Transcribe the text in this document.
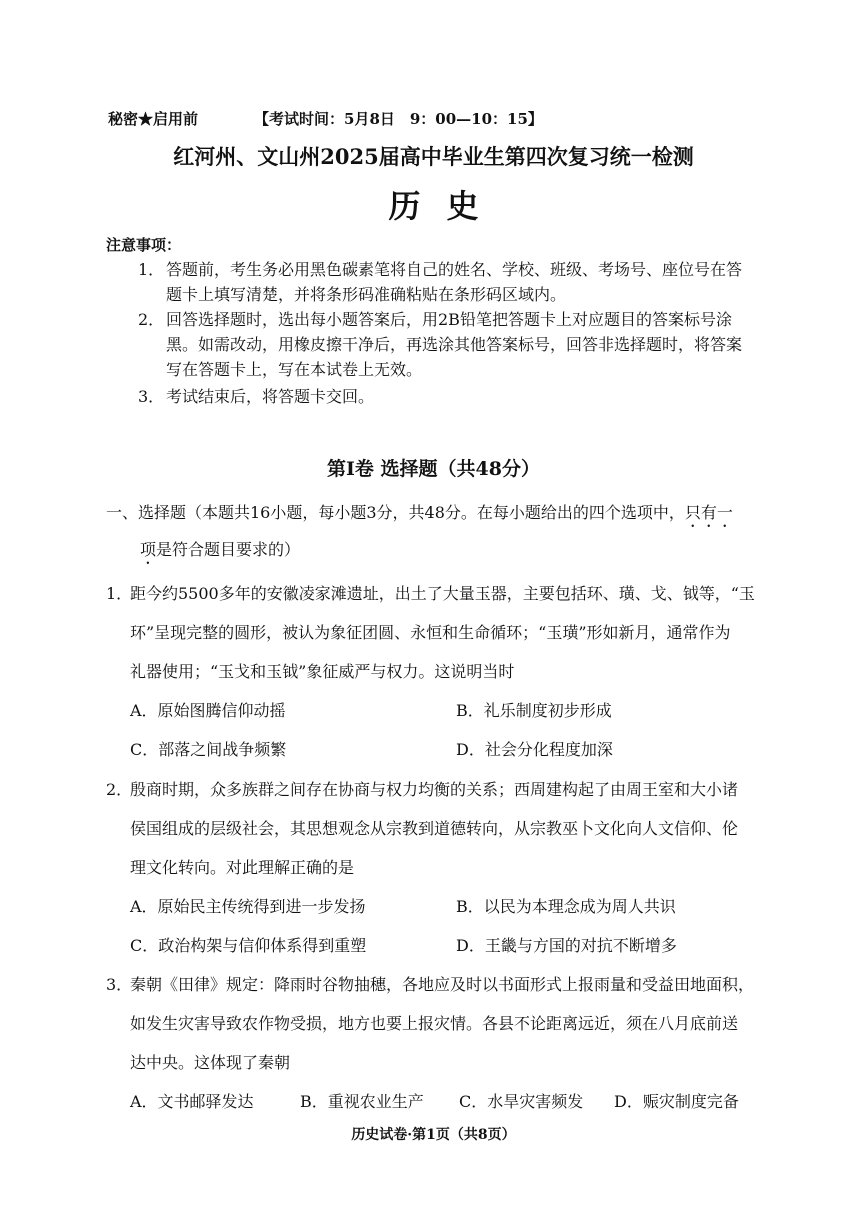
秘密★启用前	【考试时间：5月8日　9：00—10：15】
红河州、文山州2025届高中毕业生第四次复习统一检测
历史
注意事项：
1． 答题前，考生务必用黑色碳素笔将自己的姓名、学校、班级、考场号、座位号在答
题卡上填写清楚，并将条形码准确粘贴在条形码区域内。
2． 回答选择题时，选出每小题答案后，用2B铅笔把答题卡上对应题目的答案标号涂
黑。如需改动，用橡皮擦干净后，再选涂其他答案标号，回答非选择题时，将答案
写在答题卡上，写在本试卷上无效。
3． 考试结束后，将答题卡交回。
第Ⅰ卷 选择题（共48分）
一、选择题（本题共16小题，每小题3分，共48分。在每小题给出的四个选项中，只有一
项是符合题目要求的）
1．
距今约5500多年的安徽凌家滩遗址，出土了大量玉器，主要包括环、璜、戈、钺等，“玉
环”呈现完整的圆形，被认为象征团圆、永恒和生命循环；“玉璜”形如新月，通常作为
礼器使用；“玉戈和玉钺”象征威严与权力。这说明当时
A．原始图腾信仰动摇	B．礼乐制度初步形成
C．部落之间战争频繁	D．社会分化程度加深
2．
殷商时期，众多族群之间存在协商与权力均衡的关系；西周建构起了由周王室和大小诸
侯国组成的层级社会，其思想观念从宗教到道德转向，从宗教巫卜文化向人文信仰、伦
理文化转向。对此理解正确的是
A．原始民主传统得到进一步发扬	B．以民为本理念成为周人共识
C．政治构架与信仰体系得到重塑	D．王畿与方国的对抗不断增多
3．
秦朝《田律》规定：降雨时谷物抽穗，各地应及时以书面形式上报雨量和受益田地面积，
如发生灾害导致农作物受损，地方也要上报灾情。各县不论距离远近，须在八月底前送
达中央。这体现了秦朝
A．文书邮驿发达	B．重视农业生产 C．水旱灾害频发 D．赈灾制度完备
历史试卷·第1页（共8页）
